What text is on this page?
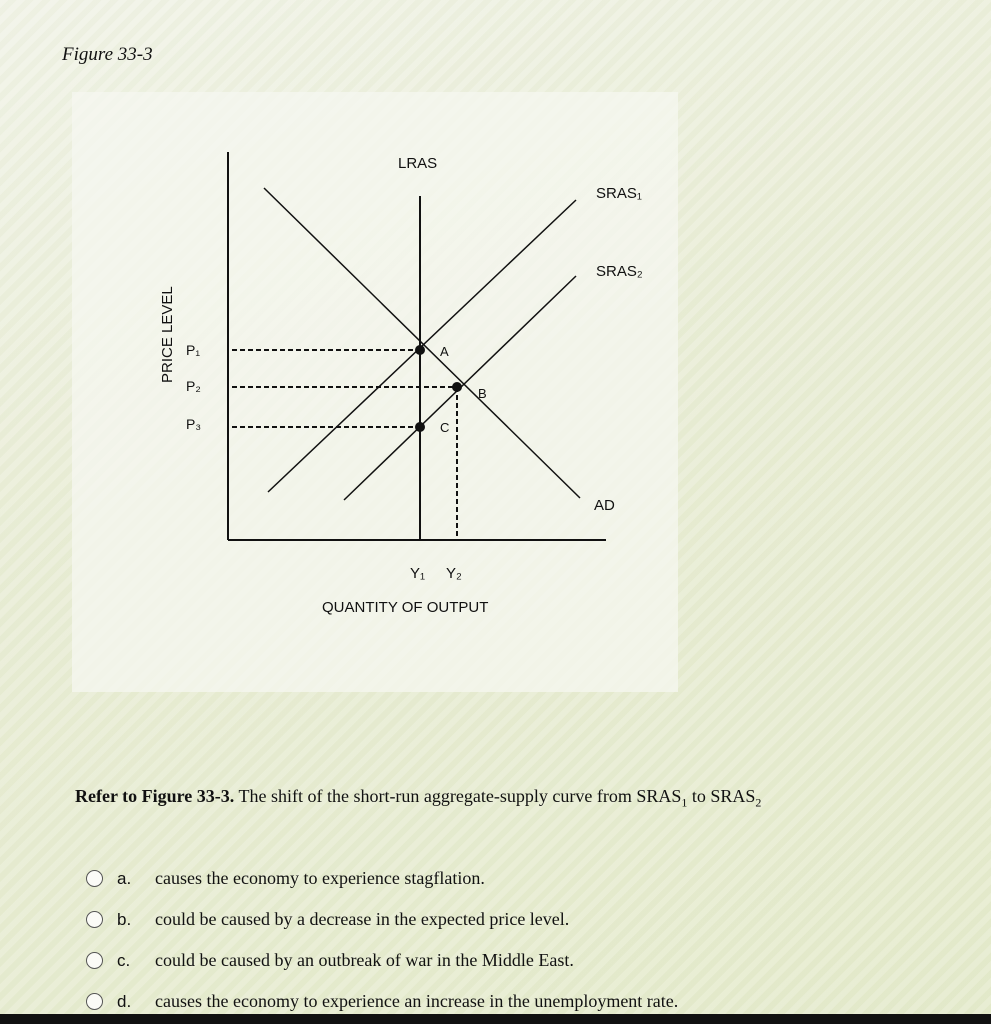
Figure 33-3
LRAS
SRAS₁
SRAS₂
AD
A
B
C
P₁
P₂
P₃
PRICE LEVEL
Y₁ Y₂
QUANTITY OF OUTPUT
Refer to Figure 33-3. The shift of the short-run aggregate-supply curve from $SRAS_1$ to $SRAS_2$
a.	causes the economy to experience stagflation.
b.	could be caused by a decrease in the expected price level.
c.	could be caused by an outbreak of war in the Middle East.
d.	causes the economy to experience an increase in the unemployment rate.
